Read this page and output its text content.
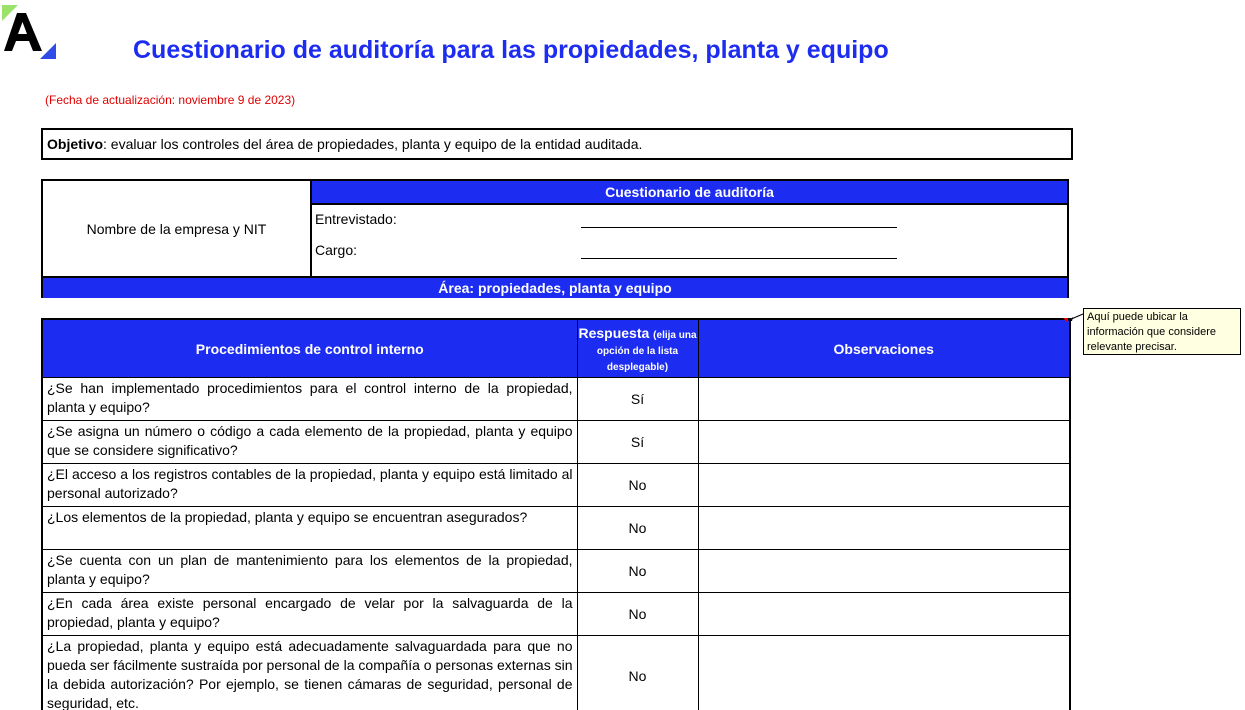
Cuestionario de auditoría para las propiedades, planta y equipo
(Fecha de actualización: noviembre 9 de 2023)
Objetivo: evaluar los controles del área de propiedades, planta y equipo de la entidad auditada.
Nombre de la empresa y NIT
Cuestionario de auditoría
Entrevistado:
Cargo:
Área: propiedades, planta y equipo
Procedimientos de control interno	Respuesta (elija una opción de la lista desplegable)	Observaciones
¿Se han implementado procedimientos para el control interno de la propiedad, planta y equipo?	Sí	
¿Se asigna un número o código a cada elemento de la propiedad, planta y equipo que se considere significativo?	Sí	
¿El acceso a los registros contables de la propiedad, planta y equipo está limitado al personal autorizado?	No	
¿Los elementos de la propiedad, planta y equipo se encuentran asegurados?	No	
¿Se cuenta con un plan de mantenimiento para los elementos de la propiedad, planta y equipo?	No	
¿En cada área existe personal encargado de velar por la salvaguarda de la propiedad, planta y equipo?	No	
¿La propiedad, planta y equipo está adecuadamente salvaguardada para que no pueda ser fácilmente sustraída por personal de la compañía o personas externas sin la debida autorización? Por ejemplo, se tienen cámaras de seguridad, personal de seguridad, etc.	No	
Aquí puede ubicar la información que considere relevante precisar.
